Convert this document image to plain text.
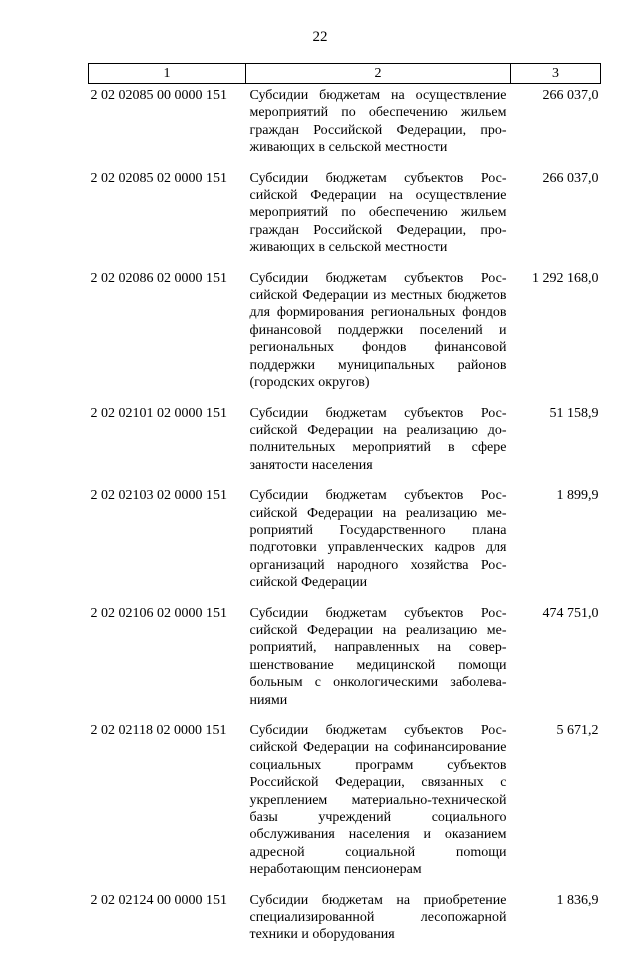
22
1	2	3
2 02 02085 00 0000 151	Субсидии бюджетам на осуществление мероприятий по обеспечению жильем граждан Российской Федерации, проживающих в сельской местности	266 037,0
2 02 02085 02 0000 151	Субсидии бюджетам субъектов Российской Федерации на осуществление мероприятий по обеспечению жильем граждан Российской Федерации, проживающих в сельской местности	266 037,0
2 02 02086 02 0000 151	Субсидии бюджетам субъектов Российской Федерации из местных бюджетов для формирования региональных фондов финансовой поддержки поселений и региональных фондов финансовой поддержки муниципальных районов (городских округов)	1 292 168,0
2 02 02101 02 0000 151	Субсидии бюджетам субъектов Российской Федерации на реализацию дополнительных мероприятий в сфере занятости населения	51 158,9
2 02 02103 02 0000 151	Субсидии бюджетам субъектов Российской Федерации на реализацию мероприятий Государственного плана подготовки управленческих кадров для организаций народного хозяйства Российской Федерации	1 899,9
2 02 02106 02 0000 151	Субсидии бюджетам субъектов Российской Федерации на реализацию мероприятий, направленных на совершенствование медицинской помощи больным с онкологическими заболеваниями	474 751,0
2 02 02118 02 0000 151	Субсидии бюджетам субъектов Российской Федерации на софинансирование социальных программ субъектов Российской Федерации, связанных с укреплением материально-технической базы учреждений социального обслуживания населения и оказанием адресной социальной поmощи неработающим пенсионерам	5 671,2
2 02 02124 00 0000 151	Субсидии бюджетам на приобретение специализированной лесопожарной техники и оборудования	1 836,9
